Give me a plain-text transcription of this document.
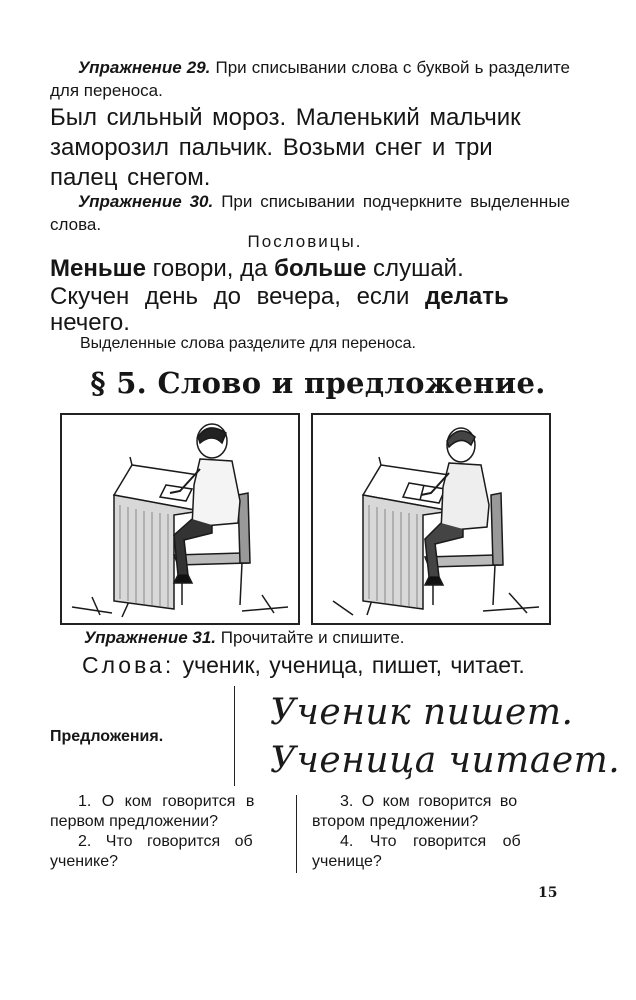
Упражнение 29. При списывании слова с буквой ь разделите для переноса.
Был сильный мороз. Маленький мальчик
заморозил пальчик. Возьми снег и три
палец снегом.
Упражнение 30. При списывании подчеркните выделенные слова.
Пословицы.
Меньше говори, да больше слушай.
Скучен день до вечера, если делать
нечего.
Выделенные слова разделите для переноса.
§ 5. Слово и предложение.
Упражнение 31. Прочитайте и спишите.
Слова: ученик, ученица, пишет, читает.
Предложения.
Ученик пишет.
Ученица читает.
1. О ком говорится в
первом предложении?
2. Что говорится об
ученике?
3. О ком говорится во
втором предложении?
4. Что говорится об
ученице?
15
